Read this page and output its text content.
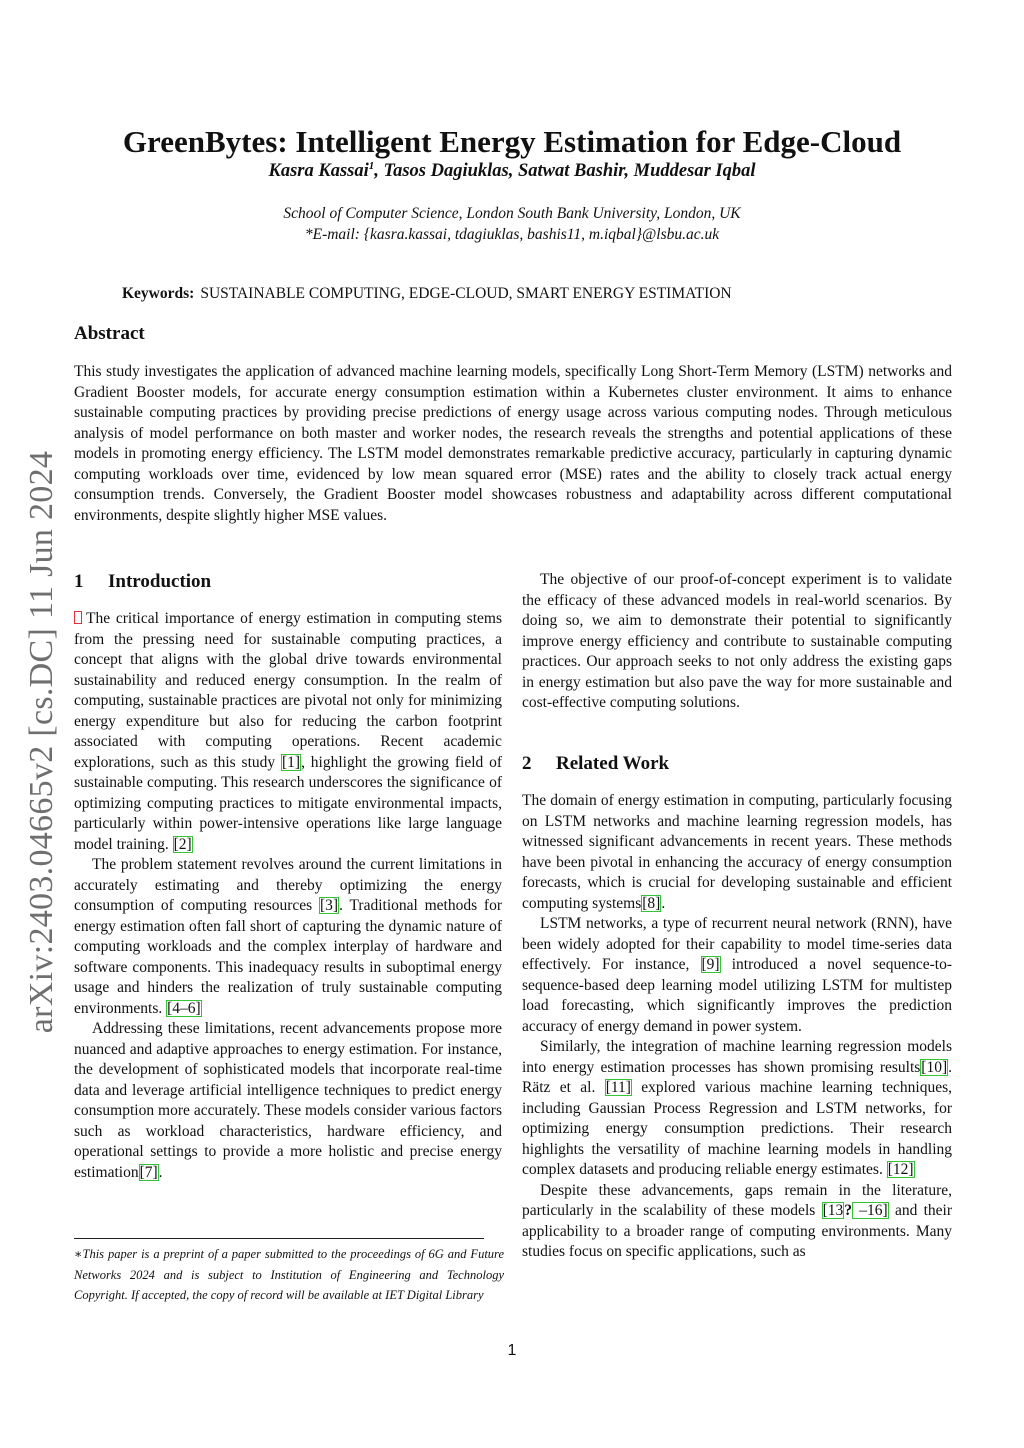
arXiv:2403.04665v2 [cs.DC] 11 Jun 2024
GreenBytes: Intelligent Energy Estimation for Edge-Cloud
Kasra Kassai$^1$, Tasos Dagiuklas, Satwat Bashir, Muddesar Iqbal
School of Computer Science, London South Bank University, London, UK
*E-mail: {kasra.kassai, tdagiuklas, bashis11, m.iqbal}@lsbu.ac.uk
Keywords: SUSTAINABLE COMPUTING, EDGE-CLOUD, SMART ENERGY ESTIMATION
Abstract

This study investigates the application of advanced machine learning models, specifically Long Short-Term Memory (LSTM) networks and Gradient Booster models, for accurate energy consumption estimation within a Kubernetes cluster environment. It aims to enhance sustainable computing practices by providing precise predictions of energy usage across various computing nodes. Through meticulous analysis of model performance on both master and worker nodes, the research reveals the strengths and potential applications of these models in promoting energy efficiency. The LSTM model demonstrates remarkable predictive accuracy, particularly in capturing dynamic computing workloads over time, evidenced by low mean squared error (MSE) rates and the ability to closely track actual energy consumption trends. Conversely, the Gradient Booster model showcases robustness and adaptability across different computational environments, despite slightly higher MSE values.

1 Introduction

The critical importance of energy estimation in computing stems from the pressing need for sustainable computing practices, a concept that aligns with the global drive towards environmental sustainability and reduced energy consumption. In the realm of computing, sustainable practices are pivotal not only for minimizing energy expenditure but also for reducing the carbon footprint associated with computing operations. Recent academic explorations, such as this study [1], highlight the growing field of sustainable computing. This research underscores the significance of optimizing computing practices to mitigate environmental impacts, particularly within power-intensive operations like large language model training. [2]

The problem statement revolves around the current limitations in accurately estimating and thereby optimizing the energy consumption of computing resources [3]. Traditional methods for energy estimation often fall short of capturing the dynamic nature of computing workloads and the complex interplay of hardware and software components. This inadequacy results in suboptimal energy usage and hinders the realization of truly sustainable computing environments. [4–6]

Addressing these limitations, recent advancements propose more nuanced and adaptive approaches to energy estimation. For instance, the development of sophisticated models that incorporate real-time data and leverage artificial intelligence techniques to predict energy consumption more accurately. These models consider various factors such as workload characteristics, hardware efficiency, and operational settings to provide a more holistic and precise energy estimation[7].

∗This paper is a preprint of a paper submitted to the proceedings of 6G and Future Networks 2024 and is subject to Institution of Engineering and Technology Copyright. If accepted, the copy of record will be available at IET Digital Library

The objective of our proof-of-concept experiment is to validate the efficacy of these advanced models in real-world scenarios. By doing so, we aim to demonstrate their potential to significantly improve energy efficiency and contribute to sustainable computing practices. Our approach seeks to not only address the existing gaps in energy estimation but also pave the way for more sustainable and cost-effective computing solutions.

2 Related Work

The domain of energy estimation in computing, particularly focusing on LSTM networks and machine learning regression models, has witnessed significant advancements in recent years. These methods have been pivotal in enhancing the accuracy of energy consumption forecasts, which is crucial for developing sustainable and efficient computing systems[8].

LSTM networks, a type of recurrent neural network (RNN), have been widely adopted for their capability to model time-series data effectively. For instance, [9] introduced a novel sequence-to-sequence-based deep learning model utilizing LSTM for multistep load forecasting, which significantly improves the prediction accuracy of energy demand in power system.

Similarly, the integration of machine learning regression models into energy estimation processes has shown promising results[10]. Rätz et al. [11] explored various machine learning techniques, including Gaussian Process Regression and LSTM networks, for optimizing energy consumption predictions. Their research highlights the versatility of machine learning models in handling complex datasets and producing reliable energy estimates. [12]

Despite these advancements, gaps remain in the literature, particularly in the scalability of these models [13? –16] and their applicability to a broader range of computing environments. Many studies focus on specific applications, such as

1
